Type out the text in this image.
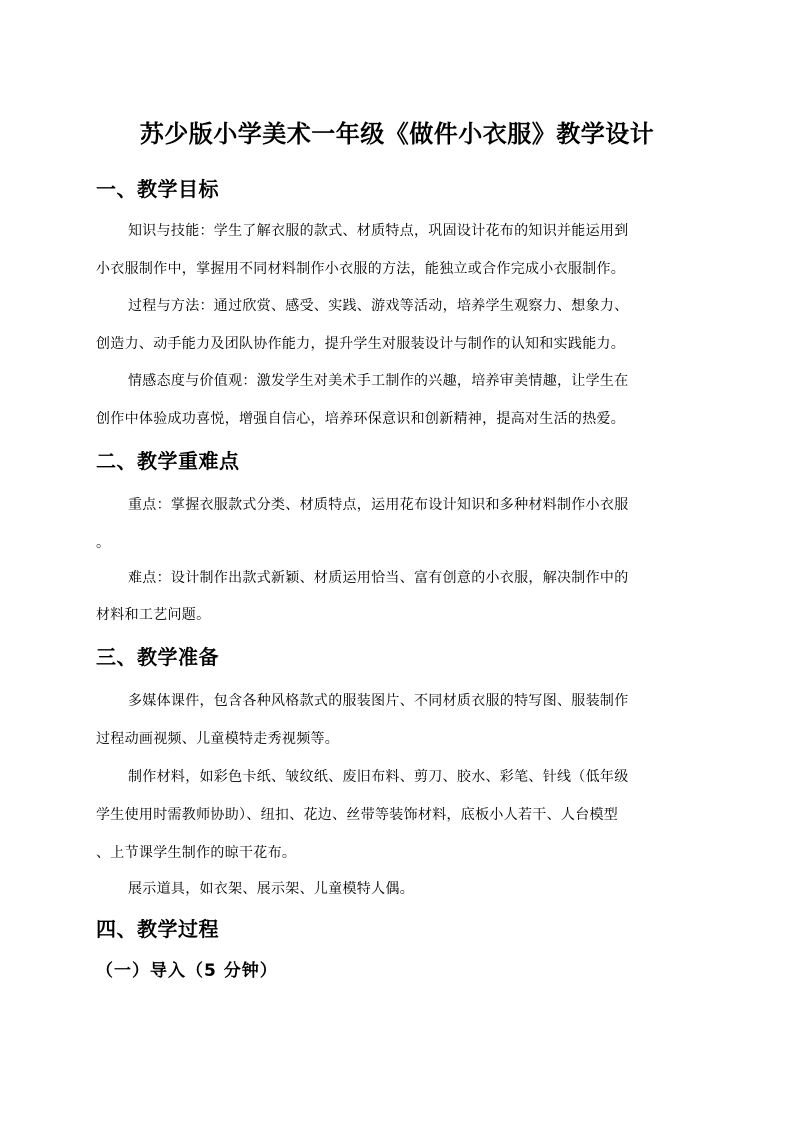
苏少版小学美术一年级《做件小衣服》教学设计
一、教学目标
知识与技能：学生了解衣服的款式、材质特点，巩固设计花布的知识并能运用到
小衣服制作中，掌握用不同材料制作小衣服的方法，能独立或合作完成小衣服制作。
过程与方法：通过欣赏、感受、实践、游戏等活动，培养学生观察力、想象力、
创造力、动手能力及团队协作能力，提升学生对服装设计与制作的认知和实践能力。
情感态度与价值观：激发学生对美术手工制作的兴趣，培养审美情趣，让学生在
创作中体验成功喜悦，增强自信心，培养环保意识和创新精神，提高对生活的热爱。
二、教学重难点
重点：掌握衣服款式分类、材质特点，运用花布设计知识和多种材料制作小衣服
。
难点：设计制作出款式新颖、材质运用恰当、富有创意的小衣服，解决制作中的
材料和工艺问题。
三、教学准备
多媒体课件，包含各种风格款式的服装图片、不同材质衣服的特写图、服装制作
过程动画视频、儿童模特走秀视频等。
制作材料，如彩色卡纸、皱纹纸、废旧布料、剪刀、胶水、彩笔、针线（低年级
学生使用时需教师协助）、纽扣、花边、丝带等装饰材料，底板小人若干、人台模型
、上节课学生制作的晾干花布。
展示道具，如衣架、展示架、儿童模特人偶。
四、教学过程
（一）导入（5 分钟）
